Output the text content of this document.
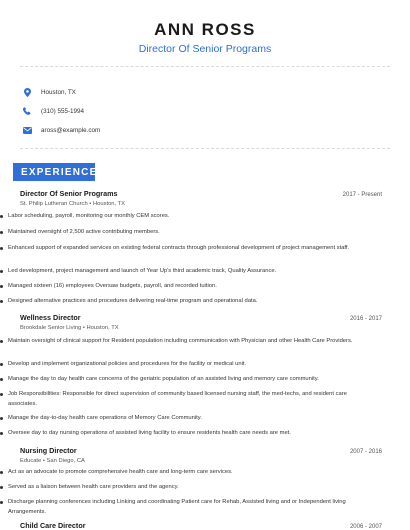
ANN ROSS
Director Of Senior Programs
Houston, TX
(310) 555-1994
aross@example.com
EXPERIENCE
Director Of Senior Programs	2017 - Present
St. Philip Lutheran Church • Houston, TX
Labor scheduling, payroll, monitoring our monthly CEM scores.
Maintained oversight of 2,500 active contributing members.
Enhanced support of expanded services on existing federal contracts through professional development of project management staff.
Led development, project management and launch of Year Up's third academic track, Quality Assurance.
Managed sixteen (16) employees Oversaw budgets, payroll, and recorded tuition.
Designed alternative practices and procedures delivering real-time program and operational data.
Wellness Director	2016 - 2017
Brookdale Senior Living • Houston, TX
Maintain oversight of clinical support for Resident population including communication with Physician and other Health Care Providers.
Develop and implement organizational policies and procedures for the facility or medical unit.
Manage the day to day health care concerns of the geriatric population of an assisted living and memory care community.
Job Responsibilities: Responsible for direct supervision of community based licensed nursing staff, the med-techs, and resident care associates.
Manage the day-to-day health care operations of Memory Care Community.
Oversee day to day nursing operations of assisted living facility to ensure residents health care needs are met.
Nursing Director	2007 - 2016
Educate • San Diego, CA
Act as an advocate to promote comprehensive health care and long-term care services.
Served as a liaison between health care providers and the agency.
Discharge planning conferences including Linking and coordinating Patient care for Rehab, Assisted living and or Independent living Arrangements.
Child Care Director	2006 - 2007
